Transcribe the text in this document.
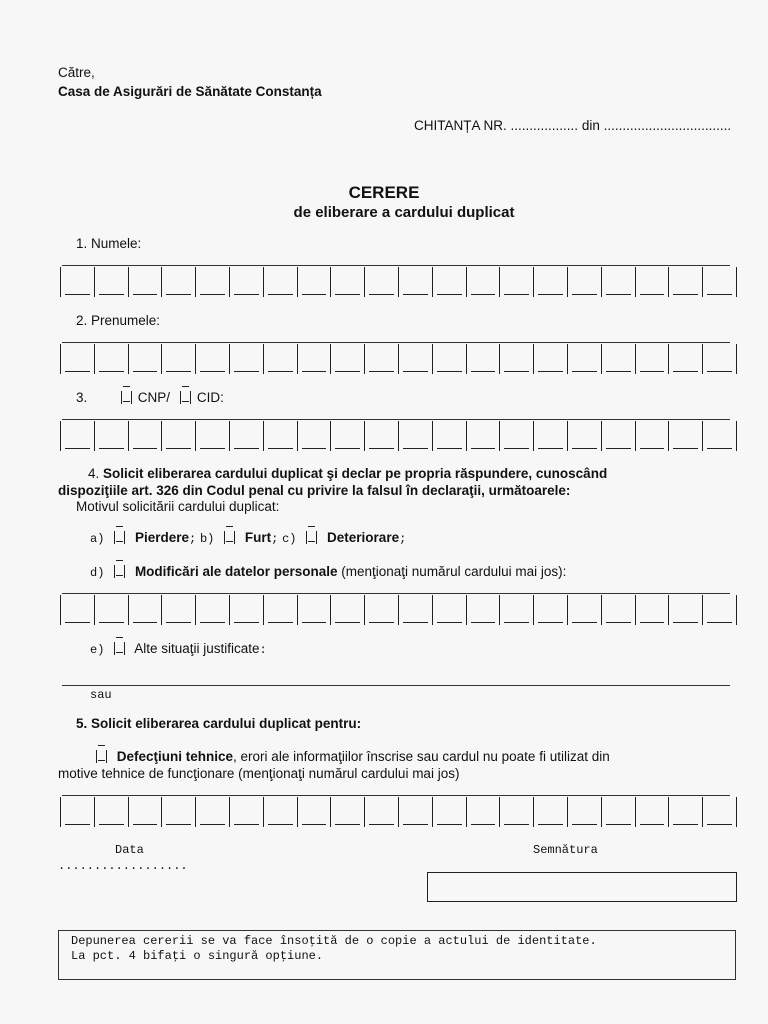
Către,
Casa de Asigurări de Sănătate Constanța
CHITANȚA NR. .................. din ..................................
CERERE
de eliberare a cardului duplicat
1. Numele:
2. Prenumele:
3.	CNP/ CID:
4. Solicit eliberarea cardului duplicat şi declar pe propria răspundere, cunoscând
dispoziţiile art. 326 din Codul penal cu privire la falsul în declaraţii, următoarele:
Motivul solicitării cardului duplicat:
a) Pierdere; b) Furt; c) Deteriorare;
d) Modificări ale datelor personale (menţionaţi numărul cardului mai jos):
e) Alte situaţii justificate:
sau
5. Solicit eliberarea cardului duplicat pentru:
Defecţiuni tehnice, erori ale informaţiilor înscrise sau cardul nu poate fi utilizat din
motive tehnice de funcţionare (menţionaţi numărul cardului mai jos)
Data
..................
Semnătura
Depunerea cererii se va face însoţită de o copie a actului de identitate.
La pct. 4 bifaţi o singură opţiune.
